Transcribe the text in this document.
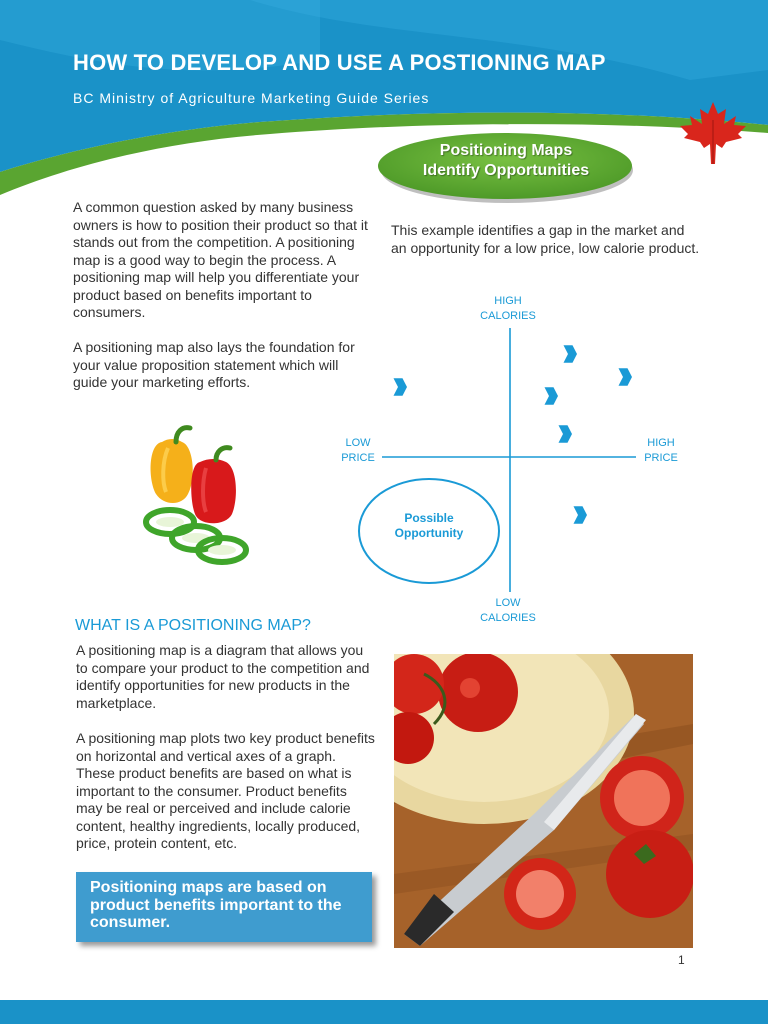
HOW TO DEVELOP AND USE A POSTIONING MAP
BC Ministry of Agriculture Marketing Guide Series
Positioning Maps
Identify Opportunities
A common question asked by many business owners is how to position their product so that it stands out from the competition. A positioning map is a good way to begin the process. A positioning map will help you differentiate your product based on benefits important to consumers.
A positioning map also lays the foundation for your value proposition statement which will guide your marketing efforts.
This example identifies a gap in the market and an opportunity for a low price, low calorie product.
HIGH
CALORIES
LOW
CALORIES
LOW
PRICE
HIGH
PRICE
Possible
Opportunity
WHAT IS A POSITIONING MAP?
A positioning map is a diagram that allows you to compare your product to the competition and identify opportunities for new products in the marketplace.
A positioning map plots two key product benefits on horizontal and vertical axes of a graph. These product benefits are based on what is important to the consumer. Product benefits may be real or perceived and include calorie content, healthy ingredients, locally produced, price, protein content, etc.
Positioning maps are based on product benefits important to the consumer.
1
